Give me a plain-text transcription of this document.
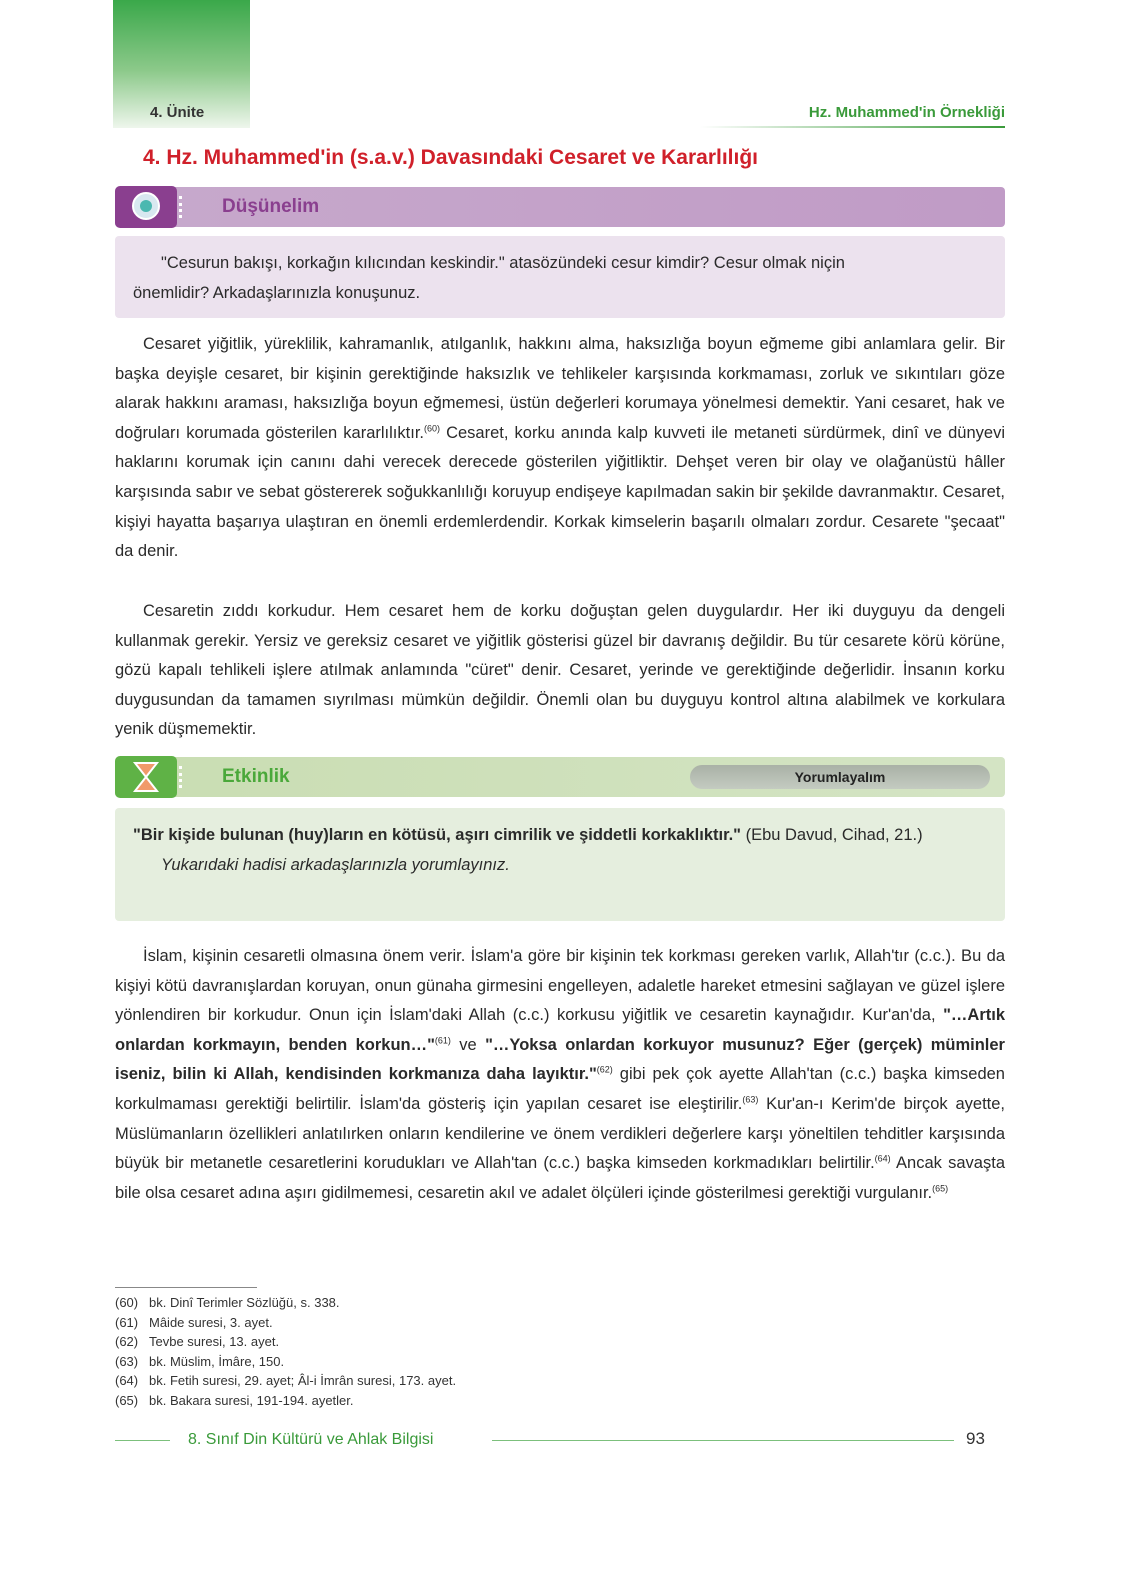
4. Ünite	Hz. Muhammed'in Örnekliği
4. Hz. Muhammed'in (s.a.v.) Davasındaki Cesaret ve Kararlılığı
Düşünelim
"Cesurun bakışı, korkağın kılıcından keskindir." atasözündeki cesur kimdir? Cesur olmak niçin
önemlidir? Arkadaşlarınızla konuşunuz.

Cesaret yiğitlik, yüreklilik, kahramanlık, atılganlık, hakkını alma, haksızlığa boyun eğmeme gibi anlamlara gelir. Bir başka deyişle cesaret, bir kişinin gerektiğinde haksızlık ve tehlikeler karşısında korkmaması, zorluk ve sıkıntıları göze alarak hakkını araması, haksızlığa boyun eğmemesi, üstün değerleri korumaya yönelmesi demektir. Yani cesaret, hak ve doğruları korumada gösterilen kararlılıktır.$^{(60)}$ Cesaret, korku anında kalp kuvveti ile metaneti sürdürmek, dinî ve dünyevi haklarını korumak için canını dahi verecek derecede gösterilen yiğitliktir. Dehşet veren bir olay ve olağanüstü hâller karşısında sabır ve sebat göstererek soğukkanlılığı koruyup endişeye kapılmadan sakin bir şekilde davranmaktır. Cesaret, kişiyi hayatta başarıya ulaştıran en önemli erdemlerdendir. Korkak kimselerin başarılı olmaları zordur. Cesarete "şecaat" da denir.

Cesaretin zıddı korkudur. Hem cesaret hem de korku doğuştan gelen duygulardır. Her iki duyguyu da dengeli kullanmak gerekir. Yersiz ve gereksiz cesaret ve yiğitlik gösterisi güzel bir davranış değildir. Bu tür cesarete körü körüne, gözü kapalı tehlikeli işlere atılmak anlamında "cüret" denir. Cesaret, yerinde ve gerektiğinde değerlidir. İnsanın korku duygusundan da tamamen sıyrılması mümkün değildir. Önemli olan bu duyguyu kontrol altına alabilmek ve korkulara yenik düşmemektir.

Etkinlik	Yorumlayalım
"Bir kişide bulunan (huy)ların en kötüsü, aşırı cimrilik ve şiddetli korkaklıktır." (Ebu Davud, Cihad, 21.)
Yukarıdaki hadisi arkadaşlarınızla yorumlayınız.

İslam, kişinin cesaretli olmasına önem verir. İslam'a göre bir kişinin tek korkması gereken varlık, Allah'tır (c.c.). Bu da kişiyi kötü davranışlardan koruyan, onun günaha girmesini engelleyen, adaletle hareket etmesini sağlayan ve güzel işlere yönlendiren bir korkudur. Onun için İslam'daki Allah (c.c.) korkusu yiğitlik ve cesaretin kaynağıdır. Kur'an'da, "…Artık onlardan korkmayın, benden korkun…"$^{(61)}$ ve "…Yoksa onlardan korkuyor musunuz? Eğer (gerçek) müminler iseniz, bilin ki Allah, kendisinden korkmanıza daha layıktır."$^{(62)}$ gibi pek çok ayette Allah'tan (c.c.) başka kimseden korkulmaması gerektiği belirtilir. İslam'da gösteriş için yapılan cesaret ise eleştirilir.$^{(63)}$ Kur'an-ı Kerim'de birçok ayette, Müslümanların özellikleri anlatılırken onların kendilerine ve önem verdikleri değerlere karşı yöneltilen tehditler karşısında büyük bir metanetle cesaretlerini korudukları ve Allah'tan (c.c.) başka kimseden korkmadıkları belirtilir.$^{(64)}$ Ancak savaşta bile olsa cesaret adına aşırı gidilmemesi, cesaretin akıl ve adalet ölçüleri içinde gösterilmesi gerektiği vurgulanır.$^{(65)}$

(60) bk. Dinî Terimler Sözlüğü, s. 338.
(61) Mâide suresi, 3. ayet.
(62) Tevbe suresi, 13. ayet.
(63) bk. Müslim, İmâre, 150.
(64) bk. Fetih suresi, 29. ayet; Âl-i İmrân suresi, 173. ayet.
(65) bk. Bakara suresi, 191-194. ayetler.
8. Sınıf Din Kültürü ve Ahlak Bilgisi	93
